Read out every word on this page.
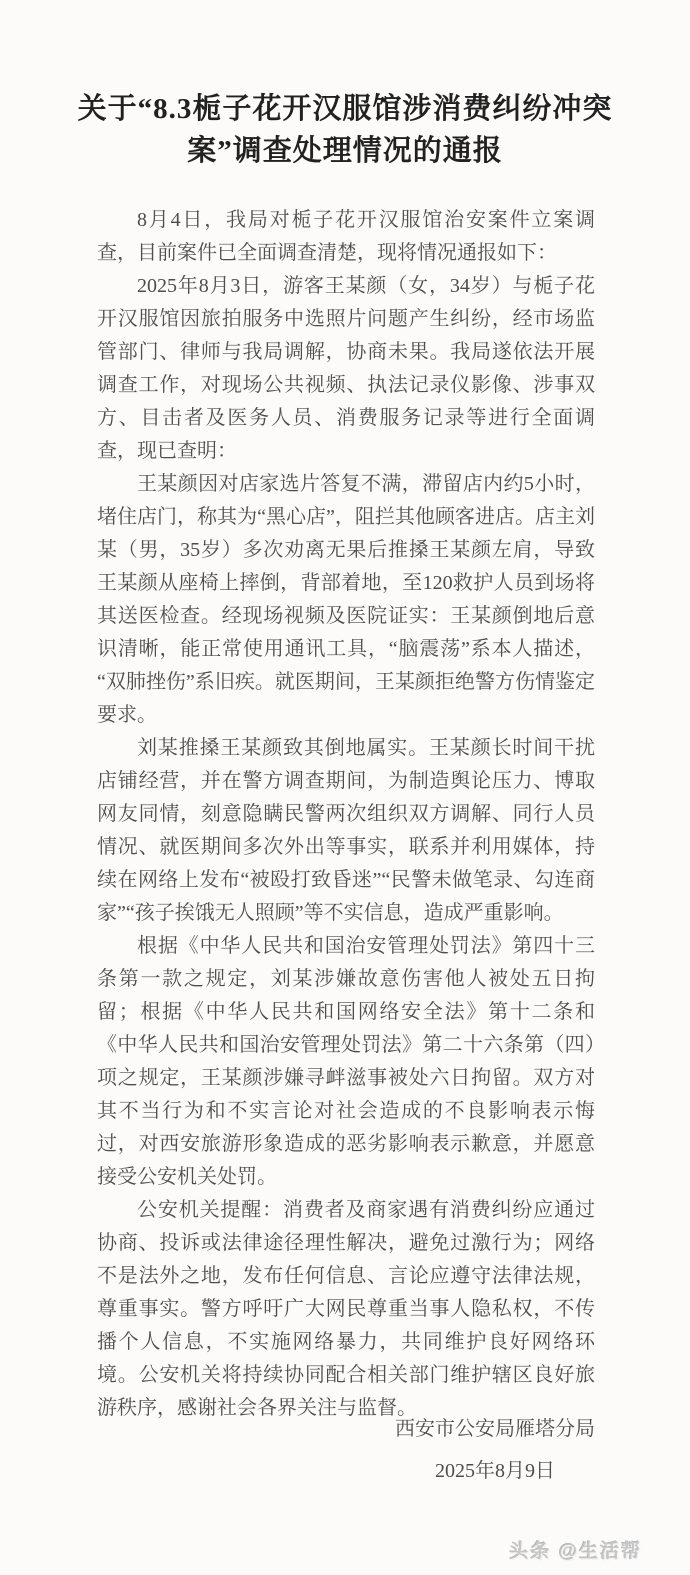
关于“8.3栀子花开汉服馆涉消费纠纷冲突案”调查处理情况的通报

8月4日，我局对栀子花开汉服馆治安案件立案调查，目前案件已全面调查清楚，现将情况通报如下：

2025年8月3日，游客王某颜（女，34岁）与栀子花开汉服馆因旅拍服务中选照片问题产生纠纷，经市场监管部门、律师与我局调解，协商未果。我局遂依法开展调查工作，对现场公共视频、执法记录仪影像、涉事双方、目击者及医务人员、消费服务记录等进行全面调查，现已查明：

王某颜因对店家选片答复不满，滞留店内约5小时，堵住店门，称其为“黑心店”，阻拦其他顾客进店。店主刘某（男，35岁）多次劝离无果后推搡王某颜左肩，导致王某颜从座椅上摔倒，背部着地，至120救护人员到场将其送医检查。经现场视频及医院证实：王某颜倒地后意识清晰，能正常使用通讯工具，“脑震荡”系本人描述，“双肺挫伤”系旧疾。就医期间，王某颜拒绝警方伤情鉴定要求。

刘某推搡王某颜致其倒地属实。王某颜长时间干扰店铺经营，并在警方调查期间，为制造舆论压力、博取网友同情，刻意隐瞒民警两次组织双方调解、同行人员情况、就医期间多次外出等事实，联系并利用媒体，持续在网络上发布“被殴打致昏迷”“民警未做笔录、勾连商家”“孩子挨饿无人照顾”等不实信息，造成严重影响。

根据《中华人民共和国治安管理处罚法》第四十三条第一款之规定，刘某涉嫌故意伤害他人被处五日拘留；根据《中华人民共和国网络安全法》第十二条和《中华人民共和国治安管理处罚法》第二十六条第（四）项之规定，王某颜涉嫌寻衅滋事被处六日拘留。双方对其不当行为和不实言论对社会造成的不良影响表示悔过，对西安旅游形象造成的恶劣影响表示歉意，并愿意接受公安机关处罚。

公安机关提醒：消费者及商家遇有消费纠纷应通过协商、投诉或法律途径理性解决，避免过激行为；网络不是法外之地，发布任何信息、言论应遵守法律法规，尊重事实。警方呼吁广大网民尊重当事人隐私权，不传播个人信息，不实施网络暴力，共同维护良好网络环境。公安机关将持续协同配合相关部门维护辖区良好旅游秩序，感谢社会各界关注与监督。

西安市公安局雁塔分局
2025年8月9日
头条 @生活帮
